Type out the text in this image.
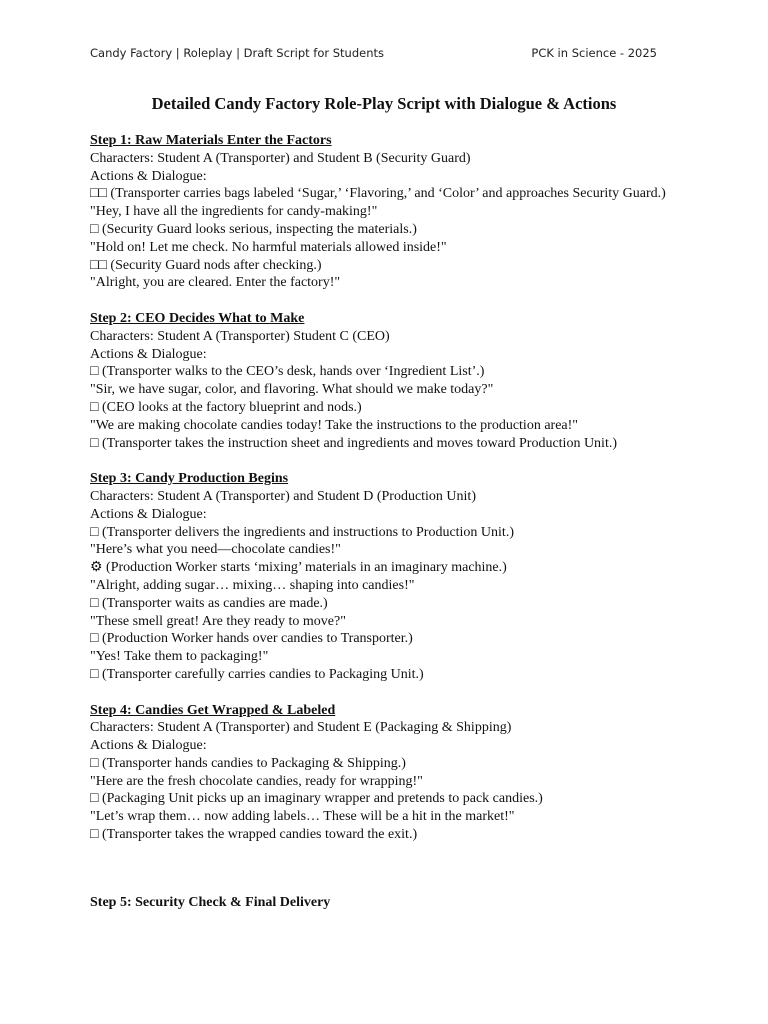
Candy Factory | Roleplay | Draft Script for Students	PCK in Science - 2025
Detailed Candy Factory Role-Play Script with Dialogue & Actions
Step 1: Raw Materials Enter the Factors
Characters: Student A (Transporter) and Student B (Security Guard)
Actions & Dialogue:
□□ (Transporter carries bags labeled ‘Sugar,’ ‘Flavoring,’ and ‘Color’ and approaches Security Guard.)
"Hey, I have all the ingredients for candy-making!"
□ (Security Guard looks serious, inspecting the materials.)
"Hold on! Let me check. No harmful materials allowed inside!"
□□ (Security Guard nods after checking.)
"Alright, you are cleared. Enter the factory!"
Step 2: CEO Decides What to Make
Characters: Student A (Transporter) Student C (CEO)
Actions & Dialogue:
□ (Transporter walks to the CEO’s desk, hands over ‘Ingredient List’.)
"Sir, we have sugar, color, and flavoring. What should we make today?"
□ (CEO looks at the factory blueprint and nods.)
"We are making chocolate candies today! Take the instructions to the production area!"
□ (Transporter takes the instruction sheet and ingredients and moves toward Production Unit.)
Step 3: Candy Production Begins
Characters: Student A (Transporter) and Student D (Production Unit)
Actions & Dialogue:
□ (Transporter delivers the ingredients and instructions to Production Unit.)
"Here’s what you need—chocolate candies!"
⚙ (Production Worker starts ‘mixing’ materials in an imaginary machine.)
"Alright, adding sugar… mixing… shaping into candies!"
□ (Transporter waits as candies are made.)
"These smell great! Are they ready to move?"
□ (Production Worker hands over candies to Transporter.)
"Yes! Take them to packaging!"
□ (Transporter carefully carries candies to Packaging Unit.)
Step 4: Candies Get Wrapped & Labeled
Characters: Student A (Transporter) and Student E (Packaging & Shipping)
Actions & Dialogue:
□ (Transporter hands candies to Packaging & Shipping.)
"Here are the fresh chocolate candies, ready for wrapping!"
□ (Packaging Unit picks up an imaginary wrapper and pretends to pack candies.)
"Let’s wrap them… now adding labels… These will be a hit in the market!"
□ (Transporter takes the wrapped candies toward the exit.)
Step 5: Security Check & Final Delivery
